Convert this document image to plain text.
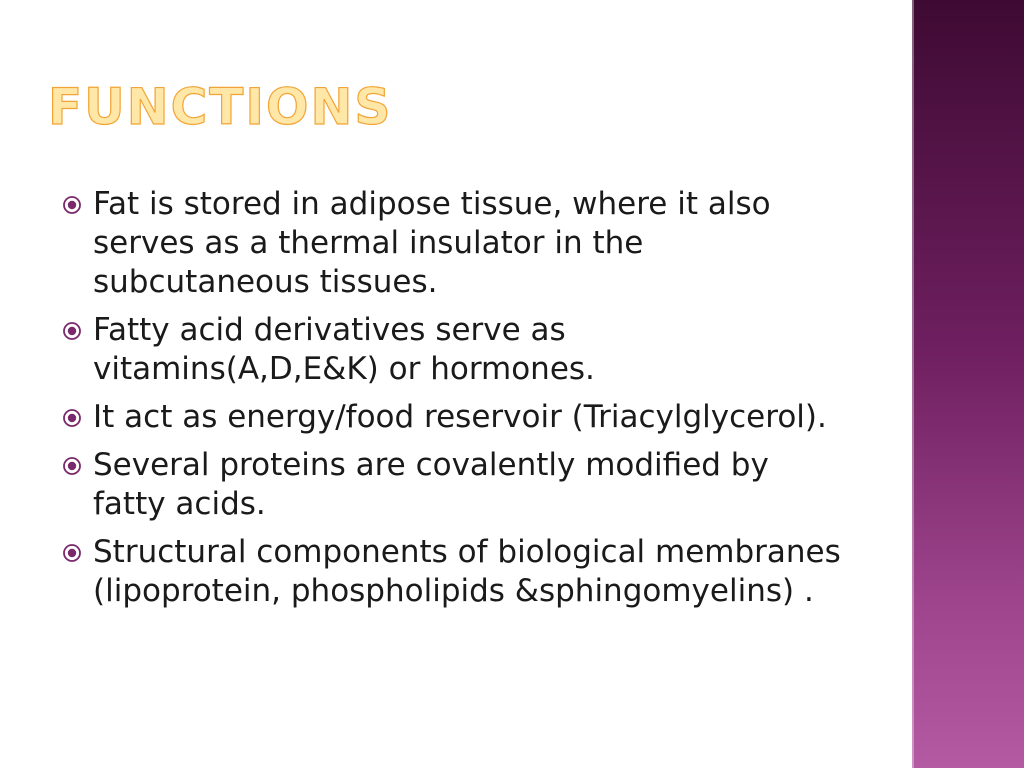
FUNCTIONS
Fat is stored in adipose tissue, where it also serves as a thermal insulator in the subcutaneous tissues.
Fatty acid derivatives serve as vitamins(A,D,E&K) or hormones.
It act as energy/food reservoir (Triacylglycerol).
Several proteins are covalently modified by fatty acids.
Structural components of biological membranes (lipoprotein, phospholipids &sphingomyelins) .
